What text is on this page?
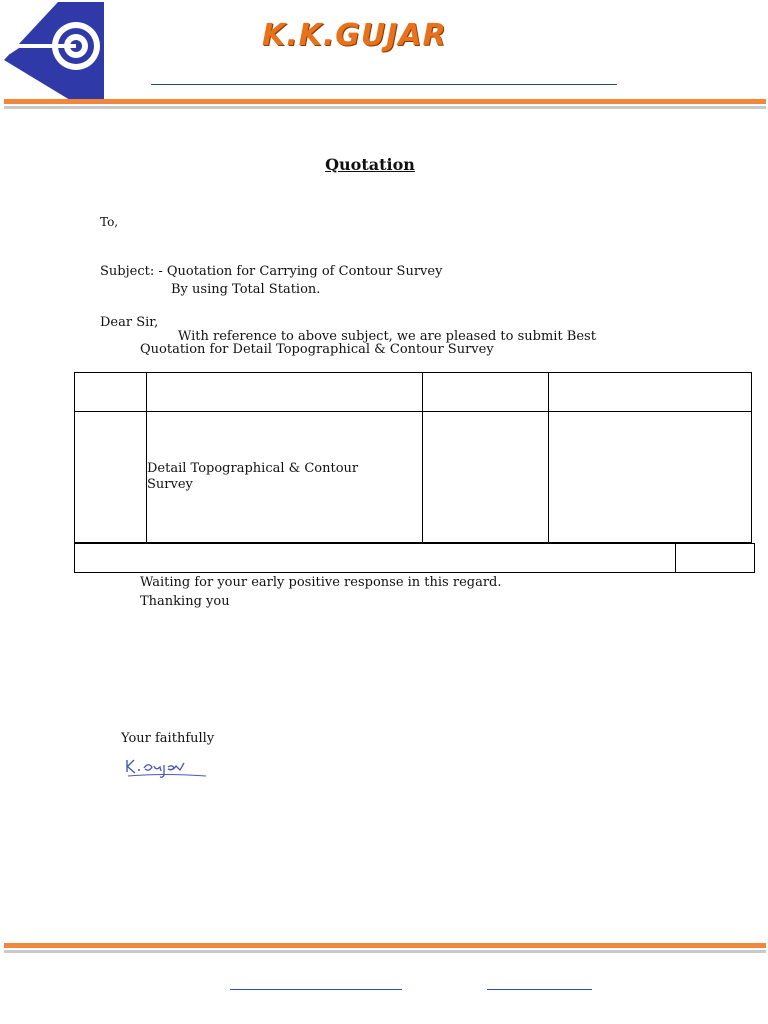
K.K.GUJAR
Quotation
To,
Subject: - Quotation for Carrying of Contour Survey
By using Total Station.
Dear Sir,
With reference to above subject, we are pleased to submit Best
Quotation for Detail Topographical & Contour Survey

	Detail Topographical & Contour Survey		

Waiting for your early positive response in this regard.
Thanking you
Your faithfully
